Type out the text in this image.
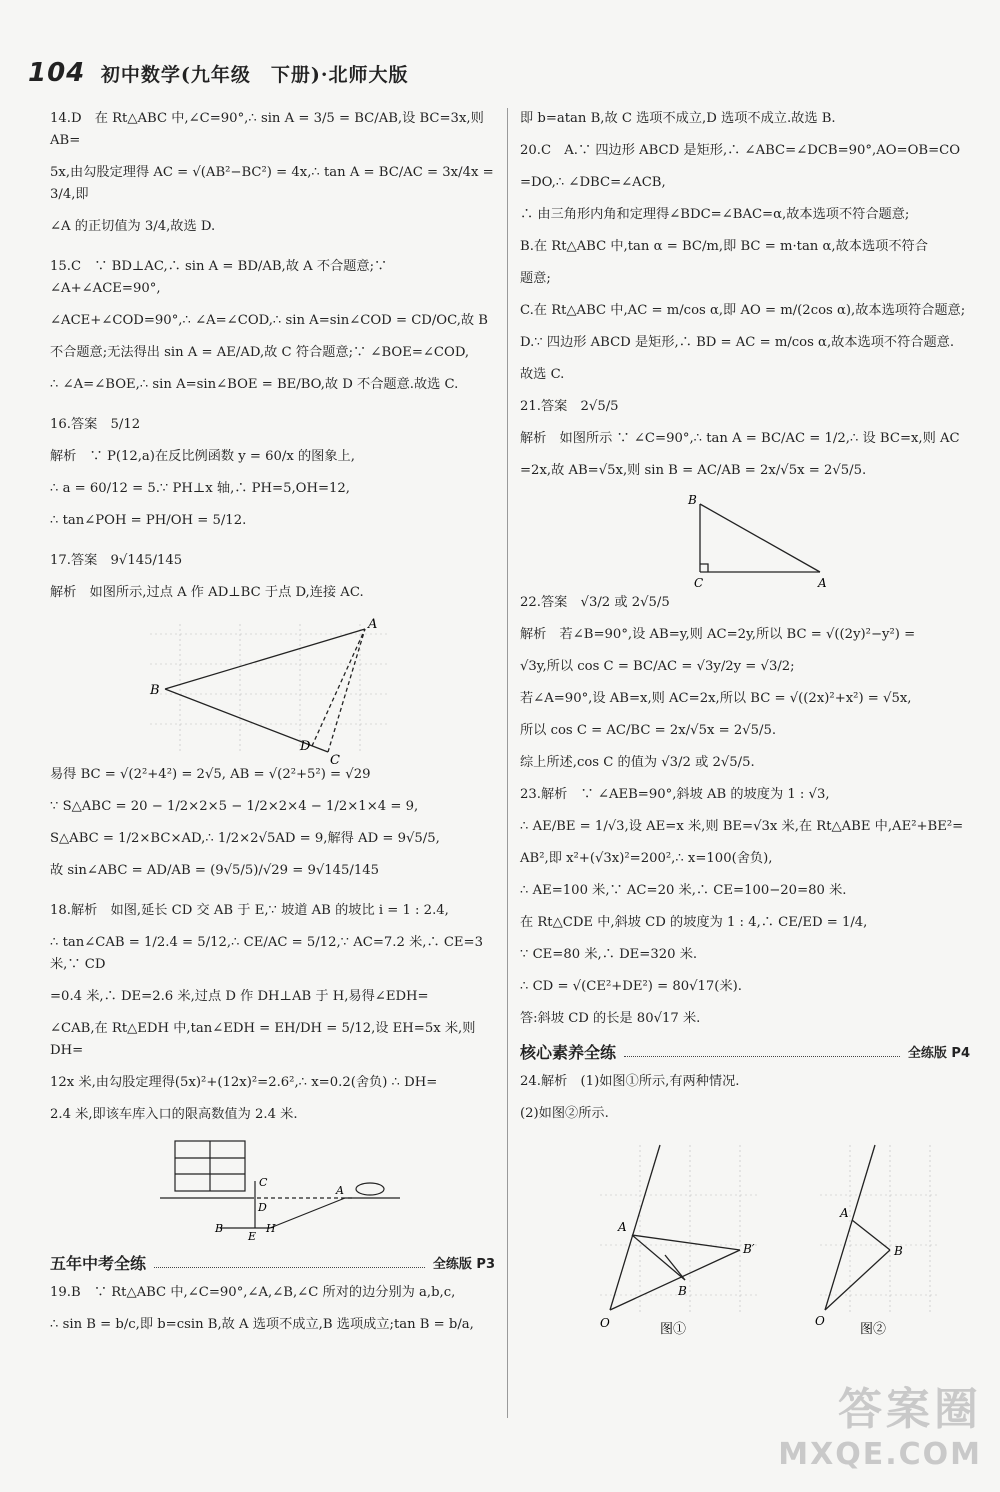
104 初中数学(九年级　下册)·北师大版

14.D　在 Rt△ABC 中,∠C=90°,∴ sin A = 3/5 = BC/AB,设 BC=3x,则 AB=

5x,由勾股定理得 AC = √(AB²−BC²) = 4x,∴ tan A = BC/AC = 3x/4x = 3/4,即

∠A 的正切值为 3/4,故选 D.

15.C　∵ BD⊥AC,∴ sin A = BD/AB,故 A 不合题意;∵ ∠A+∠ACE=90°,

∠ACE+∠COD=90°,∴ ∠A=∠COD,∴ sin A=sin∠COD = CD/OC,故 B

不合题意;无法得出 sin A = AE/AD,故 C 符合题意;∵ ∠BOE=∠COD,

∴ ∠A=∠BOE,∴ sin A=sin∠BOE = BE/BO,故 D 不合题意.故选 C.

16.答案　5/12

解析　∵ P(12,a)在反比例函数 y = 60/x 的图象上,

∴ a = 60/12 = 5.∵ PH⊥x 轴,∴ PH=5,OH=12,

∴ tan∠POH = PH/OH = 5/12.

17.答案　9√145/145

解析　如图所示,过点 A 作 AD⊥BC 于点 D,连接 AC.

A
B
C
D

易得 BC = √(2²+4²) = 2√5, AB = √(2²+5²) = √29

∵ S△ABC = 20 − 1/2×2×5 − 1/2×2×4 − 1/2×1×4 = 9,

S△ABC = 1/2×BC×AD,∴ 1/2×2√5AD = 9,解得 AD = 9√5/5,

故 sin∠ABC = AD/AB = (9√5/5)/√29 = 9√145/145

18.解析　如图,延长 CD 交 AB 于 E,∵ 坡道 AB 的坡比 i = 1 : 2.4,

∴ tan∠CAB = 1/2.4 = 5/12,∴ CE/AC = 5/12,∵ AC=7.2 米,∴ CE=3 米,∵ CD

=0.4 米,∴ DE=2.6 米,过点 D 作 DH⊥AB 于 H,易得∠EDH=

∠CAB,在 Rt△EDH 中,tan∠EDH = EH/DH = 5/12,设 EH=5x 米,则 DH=

12x 米,由勾股定理得(5x)²+(12x)²=2.6²,∴ x=0.2(舍负) ∴ DH=

2.4 米,即该车库入口的限高数值为 2.4 米.

C
A
D
B
E
H
五年中考全练	全练版 P3

19.B　∵ Rt△ABC 中,∠C=90°,∠A,∠B,∠C 所对的边分别为 a,b,c,

∴ sin B = b/c,即 b=csin B,故 A 选项不成立,B 选项成立;tan B = b/a,

即 b=atan B,故 C 选项不成立,D 选项不成立.故选 B.

20.C　A.∵ 四边形 ABCD 是矩形,∴ ∠ABC=∠DCB=90°,AO=OB=CO

=DO,∴ ∠DBC=∠ACB,

∴ 由三角形内角和定理得∠BDC=∠BAC=α,故本选项不符合题意;

B.在 Rt△ABC 中,tan α = BC/m,即 BC = m·tan α,故本选项不符合

题意;

C.在 Rt△ABC 中,AC = m/cos α,即 AO = m/(2cos α),故本选项符合题意;

D.∵ 四边形 ABCD 是矩形,∴ BD = AC = m/cos α,故本选项不符合题意.

故选 C.

21.答案　2√5/5

解析　如图所示 ∵ ∠C=90°,∴ tan A = BC/AC = 1/2,∴ 设 BC=x,则 AC

=2x,故 AB=√5x,则 sin B = AC/AB = 2x/√5x = 2√5/5.

B
C	A

22.答案　√3/2 或 2√5/5

解析　若∠B=90°,设 AB=y,则 AC=2y,所以 BC = √((2y)²−y²) =

√3y,所以 cos C = BC/AC = √3y/2y = √3/2;

若∠A=90°,设 AB=x,则 AC=2x,所以 BC = √((2x)²+x²) = √5x,

所以 cos C = AC/BC = 2x/√5x = 2√5/5.

综上所述,cos C 的值为 √3/2 或 2√5/5.

23.解析　∵ ∠AEB=90°,斜坡 AB 的坡度为 1 : √3,

∴ AE/BE = 1/√3,设 AE=x 米,则 BE=√3x 米,在 Rt△ABE 中,AE²+BE²=

AB²,即 x²+(√3x)²=200²,∴ x=100(舍负),

∴ AE=100 米,∵ AC=20 米,∴ CE=100−20=80 米.

在 Rt△CDE 中,斜坡 CD 的坡度为 1 : 4,∴ CE/ED = 1/4,

∵ CE=80 米,∴ DE=320 米.

∴ CD = √(CE²+DE²) = 80√17(米).

答:斜坡 CD 的长是 80√17 米.

核心素养全练	全练版 P4

24.解析　(1)如图①所示,有两种情况.

(2)如图②所示.

O
A
B
B′
O
A
B
图①	图②
答案圈
MXQE.COM
